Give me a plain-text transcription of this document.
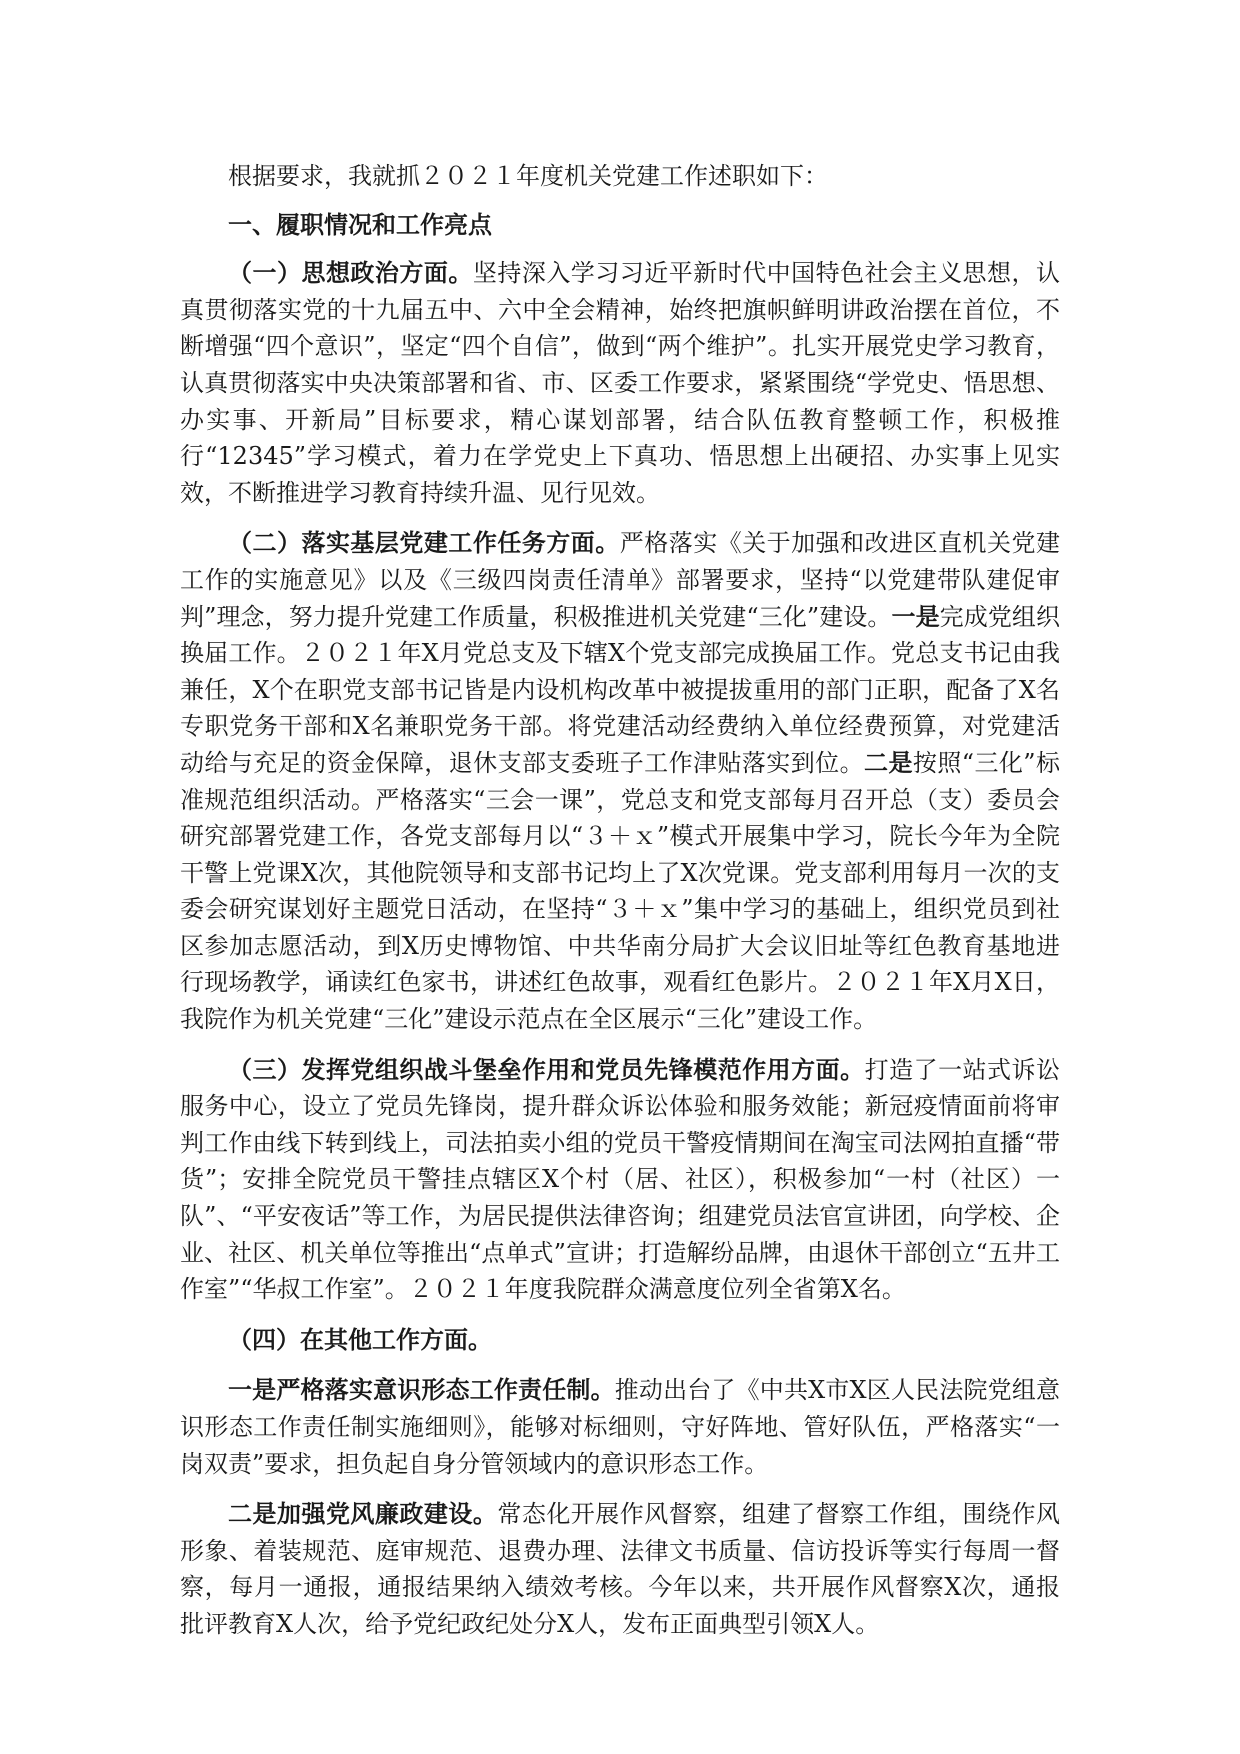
根据要求，我就抓２０２１年度机关党建工作述职如下：

一、履职情况和工作亮点

（一）思想政治方面。坚持深入学习习近平新时代中国特色社会主义思想，认真贯彻落实党的十九届五中、六中全会精神，始终把旗帜鲜明讲政治摆在首位，不断增强“四个意识”，坚定“四个自信”，做到“两个维护”。扎实开展党史学习教育，认真贯彻落实中央决策部署和省、市、区委工作要求，紧紧围绕“学党史、悟思想、办实事、开新局”目标要求，精心谋划部署，结合队伍教育整顿工作，积极推行“12345”学习模式，着力在学党史上下真功、悟思想上出硬招、办实事上见实效，不断推进学习教育持续升温、见行见效。

（二）落实基层党建工作任务方面。严格落实《关于加强和改进区直机关党建工作的实施意见》以及《三级四岗责任清单》部署要求，坚持“以党建带队建促审判”理念，努力提升党建工作质量，积极推进机关党建“三化”建设。一是完成党组织换届工作。２０２１年X月党总支及下辖X个党支部完成换届工作。党总支书记由我兼任，X个在职党支部书记皆是内设机构改革中被提拔重用的部门正职，配备了X名专职党务干部和X名兼职党务干部。将党建活动经费纳入单位经费预算，对党建活动给与充足的资金保障，退休支部支委班子工作津贴落实到位。二是按照“三化”标准规范组织活动。严格落实“三会一课”，党总支和党支部每月召开总（支）委员会研究部署党建工作，各党支部每月以“３＋ｘ”模式开展集中学习，院长今年为全院干警上党课X次，其他院领导和支部书记均上了X次党课。党支部利用每月一次的支委会研究谋划好主题党日活动，在坚持“３＋ｘ”集中学习的基础上，组织党员到社区参加志愿活动，到X历史博物馆、中共华南分局扩大会议旧址等红色教育基地进行现场教学，诵读红色家书，讲述红色故事，观看红色影片。２０２１年X月X日，我院作为机关党建“三化”建设示范点在全区展示“三化”建设工作。

（三）发挥党组织战斗堡垒作用和党员先锋模范作用方面。打造了一站式诉讼服务中心，设立了党员先锋岗，提升群众诉讼体验和服务效能；新冠疫情面前将审判工作由线下转到线上，司法拍卖小组的党员干警疫情期间在淘宝司法网拍直播“带货”；安排全院党员干警挂点辖区X个村（居、社区），积极参加“一村（社区）一队”、“平安夜话”等工作，为居民提供法律咨询；组建党员法官宣讲团，向学校、企业、社区、机关单位等推出“点单式”宣讲；打造解纷品牌，由退休干部创立“五井工作室”“华叔工作室”。２０２１年度我院群众满意度位列全省第X名。

（四）在其他工作方面。

一是严格落实意识形态工作责任制。推动出台了《中共X市X区人民法院党组意识形态工作责任制实施细则》，能够对标细则，守好阵地、管好队伍，严格落实“一岗双责”要求，担负起自身分管领域内的意识形态工作。

二是加强党风廉政建设。常态化开展作风督察，组建了督察工作组，围绕作风形象、着装规范、庭审规范、退费办理、法律文书质量、信访投诉等实行每周一督察，每月一通报，通报结果纳入绩效考核。今年以来，共开展作风督察X次，通报批评教育X人次，给予党纪政纪处分X人，发布正面典型引领X人。
